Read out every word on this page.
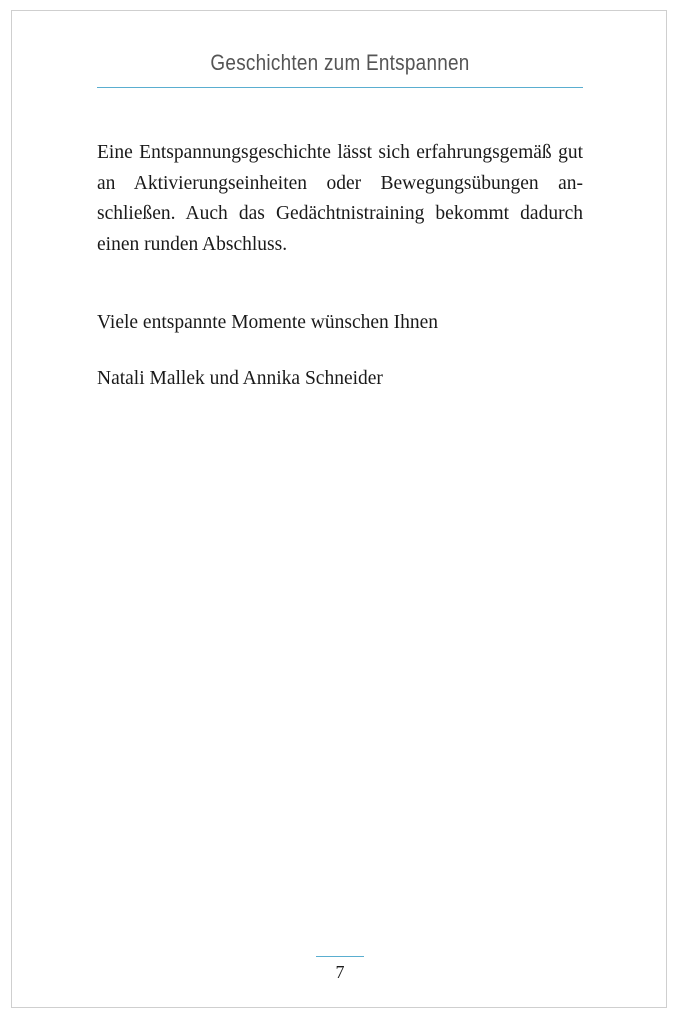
Geschichten zum Entspannen

Eine Entspannungsgeschichte lässt sich erfahrungsgemäß gut an Aktivierungseinheiten oder Bewegungsübungen anschließen. Auch das Gedächtnistraining bekommt dadurch einen runden Abschluss.

Viele entspannte Momente wünschen Ihnen

Natali Mallek und Annika Schneider

7
